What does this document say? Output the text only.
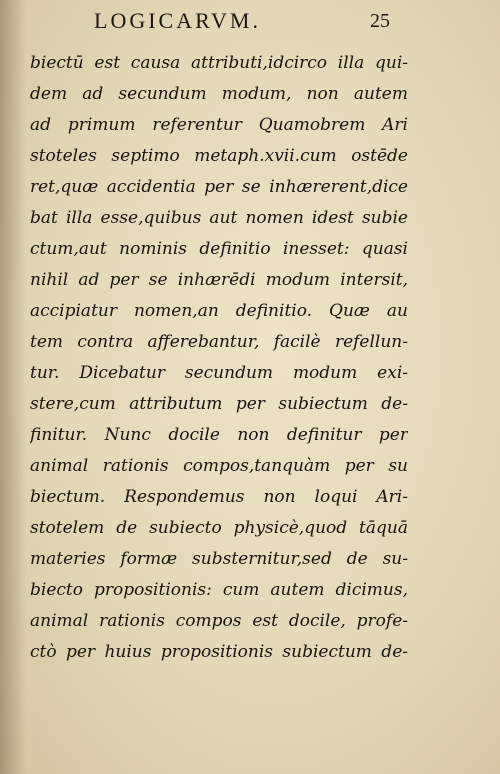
LOGICARVM.	25
biectū est causa attributi,idcirco illa qui-
dem ad secundum modum, non autem
ad primum referentur Quamobrem Ari
stoteles septimo metaph.xvii.cum ostēde
ret,quæ accidentia per se inhærerent,dice
bat illa esse,quibus aut nomen idest subie
ctum,aut nominis definitio inesset: quasi
nihil ad per se inhærēdi modum intersit,
accipiatur nomen,an definitio. Quæ au
tem contra afferebantur, facilè refellun-
tur. Dicebatur secundum modum exi-
stere,cum attributum per subiectum de-
finitur. Nunc docile non definitur per
animal rationis compos,tanquàm per su
biectum. Respondemus non loqui Ari-
stotelem de subiecto physicè,quod tāquā
materies formæ substernitur,sed de su-
biecto propositionis: cum autem dicimus,
animal rationis compos est docile, profe-
ctò per huius propositionis subiectum de-
